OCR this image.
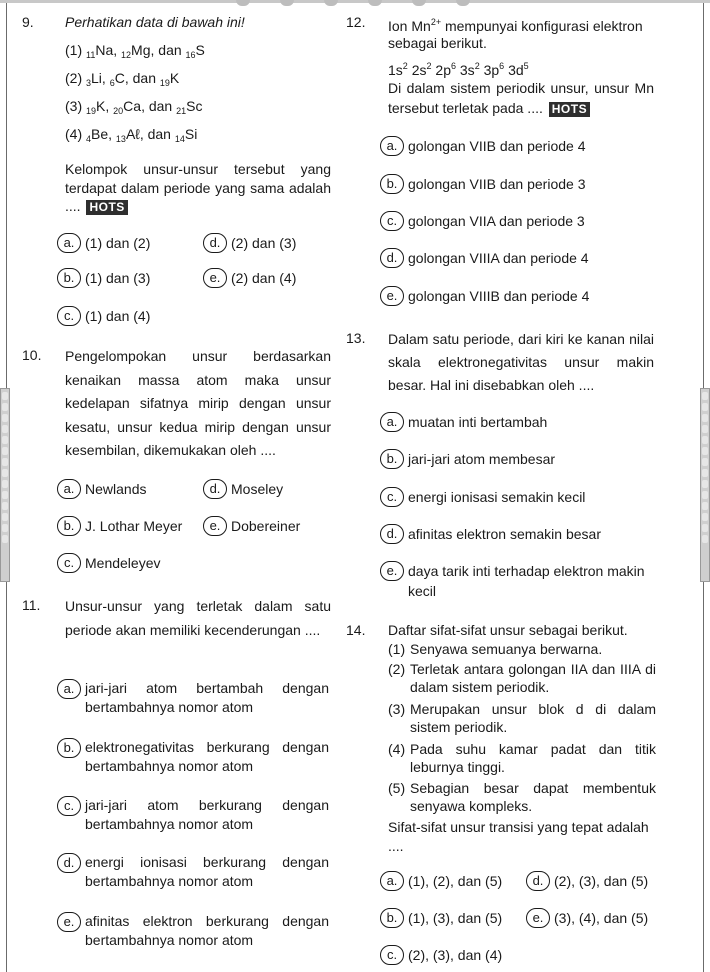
9. Perhatikan data di bawah ini!
(1) $_{11}$Na, $_{12}$Mg, dan $_{16}$S
(2) $_3$Li, $_6$C, dan $_{19}$K
(3) $_{19}$K, $_{20}$Ca, dan $_{21}$Sc
(4) $_4$Be, $_{13}$Aℓ, dan $_{14}$Si
Kelompok unsur-unsur tersebut yang terdapat dalam periode yang sama adalah .... HOTS
a. (1) dan (2)	d. (2) dan (3)
b. (1) dan (3)	e. (2) dan (4)
c. (1) dan (4)
10. Pengelompokan unsur berdasarkan kenaikan massa atom maka unsur kedelapan sifatnya mirip dengan unsur kesatu, unsur kedua mirip dengan unsur kesembilan, dikemukakan oleh ....
a. Newlands	d. Moseley
b. J. Lothar Meyer	e. Dobereiner
c. Mendeleyev
11. Unsur-unsur yang terletak dalam satu periode akan memiliki kecenderungan ....
a. jari-jari atom bertambah dengan bertambahnya nomor atom
b. elektronegativitas berkurang dengan bertambahnya nomor atom
c. jari-jari atom berkurang dengan bertambahnya nomor atom
d. energi ionisasi berkurang dengan bertambahnya nomor atom
e. afinitas elektron berkurang dengan bertambahnya nomor atom
12. Ion $Mn^{2+}$ mempunyai konfigurasi elektron
sebagai berikut.
$1s^2$ $2s^2$ $2p^6$ $3s^2$ $3p^6$ $3d^5$
Di dalam sistem periodik unsur, unsur Mn tersebut terletak pada .... HOTS
a. golongan VIIB dan periode 4
b. golongan VIIB dan periode 3
c. golongan VIIA dan periode 3
d. golongan VIIIA dan periode 4
e. golongan VIIIB dan periode 4
13. Dalam satu periode, dari kiri ke kanan nilai skala elektronegativitas unsur makin besar. Hal ini disebabkan oleh ....
a. muatan inti bertambah
b. jari-jari atom membesar
c. energi ionisasi semakin kecil
d. afinitas elektron semakin besar
e. daya tarik inti terhadap elektron makin kecil
14. Daftar sifat-sifat unsur sebagai berikut.
(1) Senyawa semuanya berwarna.
(2) Terletak antara golongan IIA dan IIIA di dalam sistem periodik.
(3) Merupakan unsur blok d di dalam sistem periodik.
(4) Pada suhu kamar padat dan titik leburnya tinggi.
(5) Sebagian besar dapat membentuk senyawa kompleks.
Sifat-sifat unsur transisi yang tepat adalah ....
a. (1), (2), dan (5)	d. (2), (3), dan (5)
b. (1), (3), dan (5)	e. (3), (4), dan (5)
c. (2), (3), dan (4)
